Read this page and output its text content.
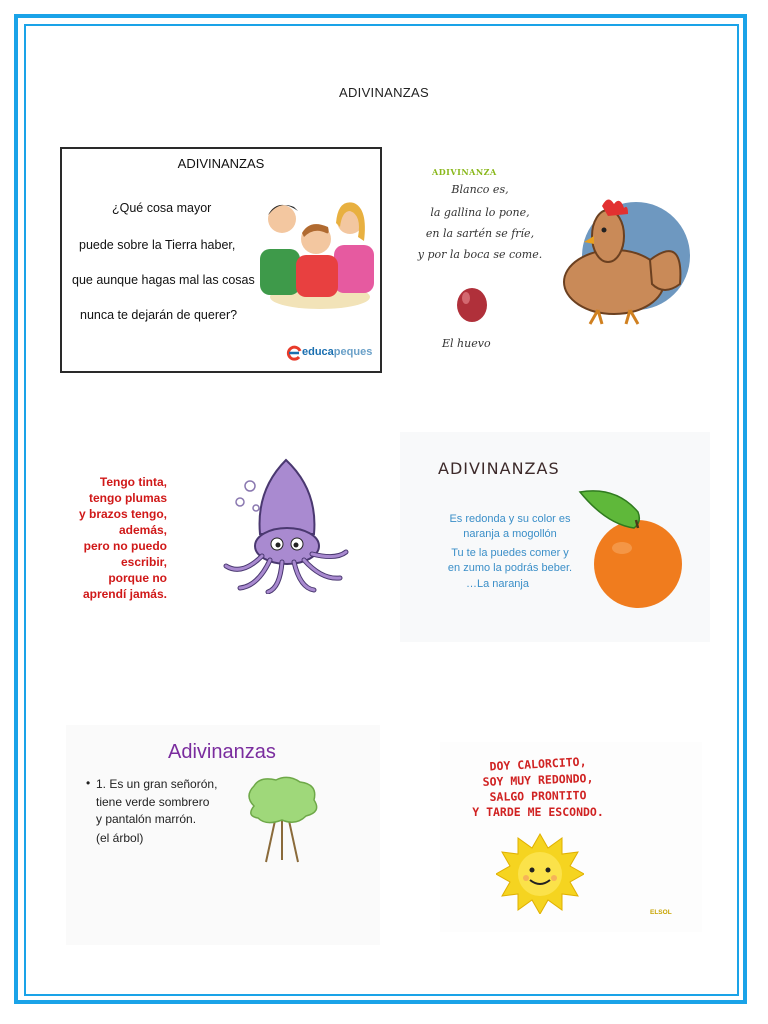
ADIVINANZAS
ADIVINANZAS
¿Qué cosa mayor
puede sobre la Tierra haber,
que aunque hagas mal las cosas
nunca te dejarán de querer?
educapeques
ADIVINANZA
Blanco es,
la gallina lo pone,
en la sartén se fríe,
y por la boca se come.
El huevo
Tengo tinta,
tengo plumas
y brazos tengo,
además,
pero no puedo
escribir,
porque no
aprendí jamás.
ADIVINANZAS
Es redonda y su color es
naranja a mogollón
Tu te la puedes comer y
en zumo la podrás beber.
…La naranja
Adivinanzas
• 1. Es un gran señorón,
tiene verde sombrero
y pantalón marrón.
(el árbol)
DOY CALORCITO,
SOY MUY REDONDO,
SALGO PRONTITO
Y TARDE ME ESCONDO.
ELSOL
